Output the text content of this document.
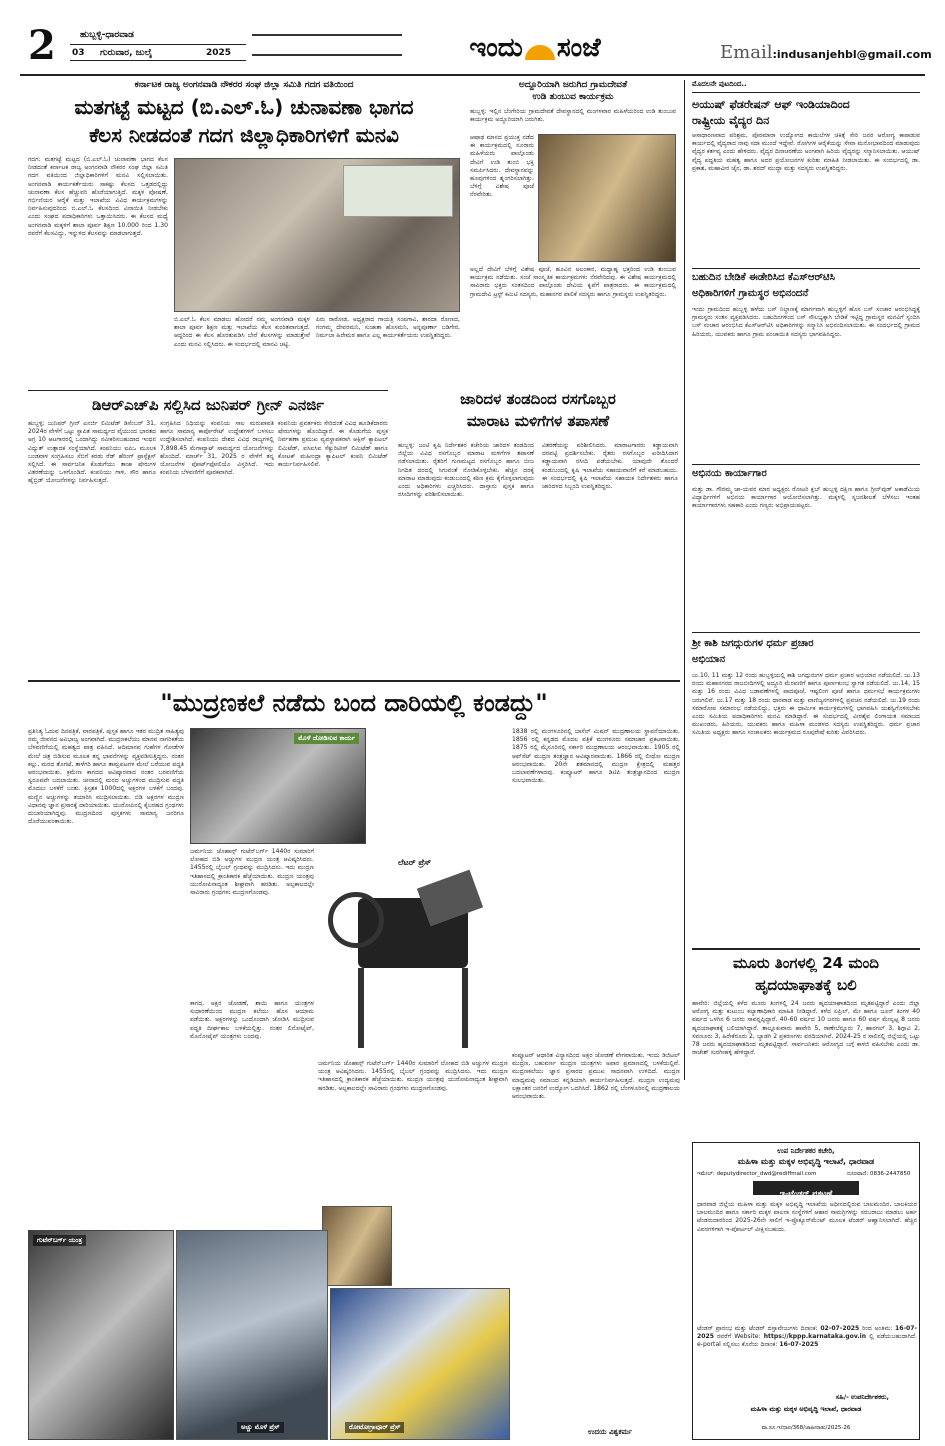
2	ಹುಬ್ಬಳ್ಳಿ-ಧಾರವಾಡ
03 ಗುರುವಾರ, ಜುಲೈ	2025	ಇಂದು ಸಂಜೆ	Email:indusanjehbl@gmail.com
ಕರ್ನಾಟಕ ರಾಜ್ಯ ಅಂಗನವಾಡಿ ನೌಕರರ ಸಂಘ ಜಿಲ್ಲಾ ಸಮಿತಿ ಗದಗ ವತಿಯಿಂದ
ಮತಗಟ್ಟೆ ಮಟ್ಟದ (ಬಿ.ಎಲ್.ಓ) ಚುನಾವಣಾ ಭಾಗದ
ಕೆಲಸ ನೀಡದಂತೆ ಗದಗ ಜಿಲ್ಲಾಧಿಕಾರಿಗಳಿಗೆ ಮನವಿ
ಗದಗ: ಮತಗಟ್ಟೆ ಮಟ್ಟದ (ಬಿ.ಎಲ್.ಓ) ಚುನಾವಣಾ ಭಾಗದ ಕೆಲಸ ನೀಡದಂತೆ ಕರ್ನಾಟಕ ರಾಜ್ಯ ಅಂಗನವಾಡಿ ನೌಕರರ ಸಂಘ ಜಿಲ್ಲಾ ಸಮಿತಿ ಗದಗ ವತಿಯಿಂದ ಜಿಲ್ಲಾಧಿಕಾರಿಗಳಿಗೆ ಮನವಿ ಸಲ್ಲಿಸಲಾಯಿತು. ಅಂಗನವಾಡಿ ಕಾರ್ಯಕರ್ತೆಯರು ಸಾಕಷ್ಟು ಕೆಲಸದ ಒತ್ತಡದಲ್ಲಿದ್ದು ಚುನಾವಣಾ ಕೆಲಸ ಹೆಚ್ಚುವರಿ ಹೊರೆಯಾಗುತ್ತಿದೆ. ಮಕ್ಕಳ ಪೋಷಣೆ, ಗರ್ಭಿಣಿಯರ ಆರೈಕೆ ಮತ್ತು ಇಲಾಖೆಯ ವಿವಿಧ ಕಾರ್ಯಕ್ರಮಗಳನ್ನು ನಿರ್ವಹಿಸುವುದರಿಂದ ಬಿ.ಎಲ್.ಓ ಕೆಲಸದಿಂದ ವಿನಾಯಿತಿ ನೀಡಬೇಕು ಎಂದು ಸಂಘದ ಪದಾಧಿಕಾರಿಗಳು ಒತ್ತಾಯಿಸಿದರು. ಈ ಕೆಲಸದ ಮಧ್ಯೆ ಅಂಗನವಾಡಿ ಮಕ್ಕಳಿಗೆ ಶಾಲಾ ಪೂರ್ವ ಶಿಕ್ಷಣ 10.000 ರಿಂದ 1.30 ರವರೆಗೆ ಕೆಲಸವಿದ್ದು, ಇನ್ನುಳಿದ ಕೆಲಸವನ್ನು ಮಾಡಲಾಗುತ್ತದೆ.
ಬಿ.ಎಲ್.ಓ ಕೆಲಸ ಮಾಡಲು ಹೋದರೆ ನಮ್ಮ ಅಂಗನವಾಡಿ ಮಕ್ಕಳ ಶಾಲಾ ಪೂರ್ವ ಶಿಕ್ಷಣ ಮತ್ತು ಇಲಾಖೆಯ ಕೆಲಸ ಕುಂಠಿತವಾಗುತ್ತದೆ. ಆದ್ದರಿಂದ ಈ ಕೆಲಸ ಹೊರತುಪಡಿಸಿ ಬೇರೆ ಕೆಲಸಗಳನ್ನು ಮಾಡುತ್ತೇವೆ ಎಂದು ಮನವಿ ಸಲ್ಲಿಸಿದರು. ಈ ಸಂದರ್ಭದಲ್ಲಿ ಮಾನವಿ ಚಟ್ಟಿ.
ಪಿರು ರಾಠೋಡ, ಅಧ್ಯಕ್ಷರಾದ ಗಾಯತ್ರಿ ಸಂಪಗಾವಿ, ಶಾರದಾ ರೋಣದ, ಗಂಗಮ್ಮ ದೇವರಮನಿ, ಸುಜಾತಾ ಹೊಸಮನಿ, ಅನ್ನಪೂರ್ಣಾ ಬಡಿಗೇರ, ನಿರ್ಮಲಾ ಹಿರೇಮಠ ಹಾಗೂ ಎಲ್ಲ ಕಾರ್ಯಕರ್ತೆಯರು ಉಪಸ್ಥಿತರಿದ್ದರು.
ಅದ್ದೂರಿಯಾಗಿ ಜರುಗಿದ ಗ್ರಾಮದೇವತೆ
ಉಡಿ ತುಂಬುವ ಕಾರ್ಯಕ್ರಮ
ಹುಬ್ಬಳ್ಳಿ: ಇಲ್ಲಿನ ಬೆಂಗೇರಿಯ ಗ್ರಾಮದೇವತೆ ದೇವಸ್ಥಾನದಲ್ಲಿ ಮಂಗಳವಾರ ಮಹಿಳೆಯರಿಂದ ಉಡಿ ತುಂಬುವ ಕಾರ್ಯಕ್ರಮ ಅದ್ದೂರಿಯಾಗಿ ಜರುಗಿತು.
ಆಷಾಢ ಮಾಸದ ಪ್ರಯುಕ್ತ ನಡೆದ ಈ ಕಾರ್ಯಕ್ರಮದಲ್ಲಿ ನೂರಾರು ಮಹಿಳೆಯರು ಪಾಲ್ಗೊಂಡು ದೇವಿಗೆ ಉಡಿ ತುಂಬಿ ಭಕ್ತಿ ಸಮರ್ಪಿಸಿದರು. ದೇವಸ್ಥಾನವನ್ನು ಹೂವುಗಳಿಂದ ಶೃಂಗರಿಸಲಾಗಿತ್ತು. ಬೆಳಿಗ್ಗೆ ವಿಶೇಷ ಪೂಜೆ ನೆರವೇರಿತು.
ಅಲ್ಲದೆ ದೇವಿಗೆ ಬೆಳಿಗ್ಗೆ ವಿಶೇಷ ಪೂಜೆ, ಹೂವಿನ ಅಲಂಕಾರ, ಮಧ್ಯಾಹ್ನ ಭಕ್ತರಿಂದ ಉಡಿ ತುಂಬುವ ಕಾರ್ಯಕ್ರಮ ನಡೆಯಿತು. ಸಂಜೆ ಸಾಂಸ್ಕೃತಿಕ ಕಾರ್ಯಕ್ರಮಗಳು ನೆರವೇರಿದವು. ಈ ವಿಶೇಷ ಕಾರ್ಯಕ್ರಮದಲ್ಲಿ ಸಾವಿರಾರು ಭಕ್ತರು ಸಂತಸದಿಂದ ಪಾಲ್ಗೊಂಡು ದೇವಿಯ ಕೃಪೆಗೆ ಪಾತ್ರರಾದರು. ಈ ಕಾರ್ಯಕ್ರಮದಲ್ಲಿ ಗ್ರಾಮದೇವಿ ಟ್ರಸ್ಟ್ ಕಮಿಟಿ ಸದಸ್ಯರು, ಮಹಾನಗರ ಪಾಲಿಕೆ ಸದಸ್ಯರು ಹಾಗೂ ಗ್ರಾಮಸ್ಥರು ಉಪಸ್ಥಿತರಿದ್ದರು.
ಮೊದಲನೇ ಪುಟದಿಂದ..
ಅಯುಷ್ ಫೆಡರೇಷನ್ ಆಫ್ ಇಂಡಿಯಾದಿಂದ
ರಾಷ್ಟ್ರೀಯ ವೈದ್ಯರ ದಿನ
ಆಸಾಧಾರಣವಾದ ಪರಿಶ್ರಮ, ಪೊರಮಾರಾ ಉದ್ಯೋಗದ ಕಾಯಿಲೆಗಳ ಚಿಕಿತ್ಸೆ ಸೇರಿ ಜನರ ಆರೋಗ್ಯ ಕಾಪಾಡುವ ಕಾರ್ಯದಲ್ಲಿ ವೈದ್ಯರಾದ ನಾವು ಸದಾ ಮುಂದೆ ಇದ್ದೇವೆ. ರೋಗಿಗಳ ಆರೈಕೆಯನ್ನು ಸೇವಾ ಮನೋಭಾವದಿಂದ ಮಾಡುವುದು ವೈದ್ಯರ ಕರ್ತವ್ಯ ಎಂದು ಹೇಳಿದರು. ವೈದ್ಯರ ದಿನಾಚರಣೆಯ ಅಂಗವಾಗಿ ಹಿರಿಯ ವೈದ್ಯರನ್ನು ಸನ್ಮಾನಿಸಲಾಯಿತು. ಆಯುಷ್ ವೈದ್ಯ ಪದ್ಧತಿಯ ಮಹತ್ವ ಹಾಗೂ ಅದರ ಪ್ರಯೋಜನಗಳ ಕುರಿತು ಮಾಹಿತಿ ನೀಡಲಾಯಿತು. ಈ ಸಂದರ್ಭದಲ್ಲಿ ಡಾ. ಪ್ರಕಾಶ, ಮಹಾವೀರ ಜೈನ, ಡಾ. ಶರದ್ ಮುದ್ದಾ ಮತ್ತು ಸದಸ್ಯರು ಉಪಸ್ಥಿತರಿದ್ದರು.
ಬಹುದಿನ ಬೇಡಿಕೆ ಈಡೇರಿಸಿದ ಕೆಎಸ್‌ಆರ್‌ಟಿಸಿ
ಅಧಿಕಾರಿಗಳಿಗೆ ಗ್ರಾಮಸ್ಥರ ಅಭಿನಂದನೆ
ಇಂದು ಗ್ರಾಮದಿಂದ ಹುಬ್ಬಳ್ಳಿ ಹಳೆಯ ಬಸ್ ನಿಲ್ದಾಣಕ್ಕೆ ಮಾರ್ಗವಾಗಿ ಹುಬ್ಬಳ್ಳಿಗೆ ಹೊಸ ಬಸ್ ಸಂಚಾರ ಆರಂಭಿಸಿದ್ದಕ್ಕೆ ಗ್ರಾಮಸ್ಥರು ಸಂತಸ ವ್ಯಕ್ತಪಡಿಸಿದರು. ಬಹುದಿನಗಳಿಂದ ಬಸ್ ಸೌಲಭ್ಯಕ್ಕಾಗಿ ಬೇಡಿಕೆ ಇಟ್ಟಿದ್ದ ಗ್ರಾಮಸ್ಥರ ಮನವಿಗೆ ಸ್ಪಂದಿಸಿ ಬಸ್ ಸಂಚಾರ ಆರಂಭಿಸಿದ ಕೆಎಸ್‌ಆರ್‌ಟಿಸಿ ಅಧಿಕಾರಿಗಳನ್ನು ಸನ್ಮಾನಿಸಿ ಅಭಿನಂದಿಸಲಾಯಿತು. ಈ ಸಂದರ್ಭದಲ್ಲಿ ಗ್ರಾಮದ ಹಿರಿಯರು, ಯುವಕರು ಹಾಗೂ ಗ್ರಾಮ ಪಂಚಾಯಿತಿ ಸದಸ್ಯರು ಭಾಗವಹಿಸಿದ್ದರು.
ಅಭಿನಯ ಕಾರ್ಯಾಗಾರ
ಮತ್ತು ಡಾ. ಗೌರಮ್ಮ ಜಾ-ಯವರ ಮಾರ ಅಧ್ಯಕ್ಷರು ರೋಟರಿ ಕ್ಲಬ್ ಹುಬ್ಬಳ್ಳಿ ದಕ್ಷಿಣ ಹಾಗೂ ಗ್ರೀನ್‌ವುಡ್ ಅಕಾಡೆಮಿಯ ವಿದ್ಯಾರ್ಥಿಗಳಿಗೆ ಅಭಿನಯ ಕಾರ್ಯಾಗಾರ ಆಯೋಜಿಸಲಾಗಿತ್ತು. ಮಕ್ಕಳಲ್ಲಿ ಸೃಜನಶೀಲತೆ ಬೆಳೆಸಲು ಇಂತಹ ಕಾರ್ಯಾಗಾರಗಳು ಸಹಕಾರಿ ಎಂದು ಗಣ್ಯರು ಅಭಿಪ್ರಾಯಪಟ್ಟರು.
ಶ್ರೀ ಕಾಶಿ ಜಗದ್ಗುರುಗಳ ಧರ್ಮ ಪ್ರಚಾರ
ಅಭಿಯಾನ
ಜು.10, 11 ಮತ್ತು 12 ರಂದು ಹುಬ್ಬಳ್ಳಿಯಲ್ಲಿ ಕಾಶಿ ಜಗದ್ಗುರುಗಳ ಧರ್ಮ ಪ್ರಚಾರ ಅಭಿಯಾನ ನಡೆಯಲಿದೆ. ಜು.13 ರಂದು ಮಹಾನಗರದ ರಾಜಬೀದಿಗಳಲ್ಲಿ ಅದ್ದೂರಿ ಮೆರವಣಿಗೆ ಹಾಗೂ ಪೂರ್ಣಕುಂಭ ಸ್ವಾಗತ ನಡೆಯಲಿದೆ. ಜು.14, 15 ಮತ್ತು 16 ರಂದು ವಿವಿಧ ಬಡಾವಣೆಗಳಲ್ಲಿ ಪಾದಪೂಜೆ, ಇಷ್ಟಲಿಂಗ ಪೂಜೆ ಹಾಗೂ ಧರ್ಮಸಭೆ ಕಾರ್ಯಕ್ರಮಗಳು ಜರುಗಲಿವೆ. ಜು.17 ಮತ್ತು 18 ರಂದು ಧಾರವಾಡ ಮತ್ತು ವಾಣಿಜ್ಯನಗರಗಳಲ್ಲಿ ಪ್ರವಚನ ನಡೆಯಲಿದೆ. ಜು.19 ರಂದು ಸಮಾರೋಪ ಸಮಾರಂಭ ನಡೆಯಲಿದ್ದು, ಭಕ್ತರು ಈ ಧಾರ್ಮಿಕ ಕಾರ್ಯಕ್ರಮಗಳಲ್ಲಿ ಭಾಗವಹಿಸಿ ಯಶಸ್ವಿಗೊಳಿಸಬೇಕು ಎಂದು ಸಮಿತಿಯ ಪದಾಧಿಕಾರಿಗಳು ಮನವಿ ಮಾಡಿದ್ದಾರೆ. ಈ ಸಂದರ್ಭದಲ್ಲಿ ವೀರಶೈವ ಲಿಂಗಾಯತ ಸಮಾಜದ ಮುಖಂಡರು, ಹಿರಿಯರು, ಯುವಕರು ಹಾಗೂ ಮಹಿಳಾ ಮಂಡಳದ ಸದಸ್ಯರು ಉಪಸ್ಥಿತರಿದ್ದರು. ಧರ್ಮ ಪ್ರಚಾರ ಸಮಿತಿಯ ಅಧ್ಯಕ್ಷರು ಹಾಗೂ ಸಂಚಾಲಕರು ಕಾರ್ಯಕ್ರಮದ ರೂಪುರೇಷೆ ಕುರಿತು ವಿವರಿಸಿದರು.
ಡಿಆರ್‌ಎಚ್‌ಪಿ ಸಲ್ಲಿಸಿದ ಜುನಿಪರ್ ಗ್ರೀನ್ ಎನರ್ಜಿ
ಹುಬ್ಬಳ್ಳಿ: ಜುನಿಪರ್ ಗ್ರೀನ್ ಎನರ್ಜಿ ಲಿಮಿಟೆಡ್ ಡಿಸೆಂಬರ್ 31, 2024ರ ವೇಳೆಗೆ ಒಟ್ಟು ಸ್ಥಾಪಿತ ಸಾಮರ್ಥ್ಯದ ವೈಯುಂದ ಭಾರತದ ಅಗ್ರ 10 ಆಟಗಾರರಲ್ಲಿ ಒಂದಾಗಿದ್ದು ನವೀಕರಿಸಬಹುದಾದ ಇಂಧನ ವಿದ್ಯುತ್ ಉತ್ಪಾದಕ ಸಂಸ್ಥೆಯಾಗಿದೆ. ಕಂಪನಿಯು ಐಪಿಒ ಮೂಲಕ ಬಂಡವಾಳ ಸಂಗ್ರಹಿಸಲು ಸೆಬಿಗೆ ಕರಡು ರೆಡ್ ಹೆರಿಂಗ್ ಪ್ರಾಸ್ಪೆಕ್ಟಸ್ ಸಲ್ಲಿಸಿದೆ. ಈ ಸಾರ್ವಜನಿಕ ಕೊಡುಗೆಯು ತಾಜಾ ಷೇರುಗಳ ವಿತರಣೆಯನ್ನು ಒಳಗೊಂಡಿದೆ. ಕಂಪನಿಯು ಗಾಳಿ, ಸೌರ ಹಾಗೂ ಹೈಬ್ರಿಡ್ ಯೋಜನೆಗಳನ್ನು ನಿರ್ವಹಿಸುತ್ತದೆ.
ಸಂಗ್ರಹಿಸಿದ ನಿಧಿಯನ್ನು ಕಂಪನಿಯ ಸಾಲ ಮರುಪಾವತಿ ಹಾಗೂ ಸಾಮಾನ್ಯ ಕಾರ್ಪೊರೇಟ್ ಉದ್ದೇಶಗಳಿಗೆ ಬಳಸಲು ಉದ್ದೇಶಿಸಲಾಗಿದೆ. ಕಂಪನಿಯು ದೇಶದ ವಿವಿಧ ರಾಜ್ಯಗಳಲ್ಲಿ 7,898.45 ಮೆಗಾವ್ಯಾಟ್ ಸಾಮರ್ಥ್ಯದ ಯೋಜನೆಗಳನ್ನು ಹೊಂದಿದೆ. ಮಾರ್ಚ್ 31, 2025 ರ ವೇಳೆಗೆ ತನ್ನ ಯೋಜನೆಗಳ ಪೋರ್ಟ್‌ಫೋಲಿಯೊ ವಿಸ್ತರಿಸಿದೆ. ಇದು ಕಂಪನಿಯ ಬೆಳವಣಿಗೆಗೆ ಪೂರಕವಾಗಿದೆ.
ಕಂಪನಿಯ ಪ್ರವರ್ತಕರು ಸೇರಿದಂತೆ ವಿವಿಧ ಹೂಡಿಕೆದಾರರು ಷೇರುಗಳನ್ನು ಹೊಂದಿದ್ದಾರೆ. ಈ ಕೊಡುಗೆಯ ಪುಸ್ತಕ ನಿರ್ವಹಣಾ ಪ್ರಮುಖ ವ್ಯವಸ್ಥಾಪಕರಾಗಿ ಆಕ್ಸಿಸ್ ಕ್ಯಾಪಿಟಲ್ ಲಿಮಿಟೆಡ್, ಐಸಿಐಸಿಐ ಸೆಕ್ಯುರಿಟೀಸ್ ಲಿಮಿಟೆಡ್ ಹಾಗೂ ಕೋಟಕ್ ಮಹೀಂದ್ರಾ ಕ್ಯಾಪಿಟಲ್ ಕಂಪನಿ ಲಿಮಿಟೆಡ್ ಕಾರ್ಯನಿರ್ವಹಿಸಲಿವೆ.
ಜಾರಿದಳ ತಂಡದಿಂದ ರಸಗೊಬ್ಬರ
ಮಾರಾಟ ಮಳಿಗೆಗಳ ತಪಾಸಣೆ
ಹುಬ್ಬಳ್ಳಿ: ಜಂಟಿ ಕೃಷಿ ನಿರ್ದೇಶಕರ ಕಚೇರಿಯ ಜಾರಿದಳ ತಂಡದಿಂದ ಜಿಲ್ಲೆಯ ವಿವಿಧ ರಸಗೊಬ್ಬರ ಮಾರಾಟ ಮಳಿಗೆಗಳ ತಪಾಸಣೆ ನಡೆಸಲಾಯಿತು. ರೈತರಿಗೆ ಗುಣಮಟ್ಟದ ರಸಗೊಬ್ಬರ ಹಾಗೂ ಬೀಜ ನಿಗದಿತ ದರದಲ್ಲಿ ಸಿಗುವಂತೆ ನೋಡಿಕೊಳ್ಳಬೇಕು. ಹೆಚ್ಚಿನ ದರಕ್ಕೆ ಮಾರಾಟ ಮಾಡುವುದು ಕಂಡುಬಂದಲ್ಲಿ ಕಠಿಣ ಕ್ರಮ ಕೈಗೊಳ್ಳಲಾಗುವುದು ಎಂದು ಅಧಿಕಾರಿಗಳು ಎಚ್ಚರಿಸಿದರು. ದಾಸ್ತಾನು ಪುಸ್ತಕ ಹಾಗೂ ರಸೀದಿಗಳನ್ನು ಪರಿಶೀಲಿಸಲಾಯಿತು.
ವಿತರಣೆಯನ್ನು ಪರಿಶೀಲಿಸಿದರು. ಮಾರಾಟಗಾರರು ಕಡ್ಡಾಯವಾಗಿ ದರಪಟ್ಟಿ ಪ್ರದರ್ಶಿಸಬೇಕು. ರೈತರು ರಸಗೊಬ್ಬರ ಖರೀದಿಸಿದಾಗ ಕಡ್ಡಾಯವಾಗಿ ರಸೀದಿ ಪಡೆಯಬೇಕು. ಯಾವುದೇ ತೊಂದರೆ ಕಂಡುಬಂದಲ್ಲಿ ಕೃಷಿ ಇಲಾಖೆಯ ಸಹಾಯವಾಣಿಗೆ ಕರೆ ಮಾಡಬಹುದು. ಈ ಸಂದರ್ಭದಲ್ಲಿ ಕೃಷಿ ಇಲಾಖೆಯ ಸಹಾಯಕ ನಿರ್ದೇಶಕರು ಹಾಗೂ ಜಾರಿದಳದ ಸಿಬ್ಬಂದಿ ಉಪಸ್ಥಿತರಿದ್ದರು.
"ಮುದ್ರಣಕಲೆ ನಡೆದು ಬಂದ ದಾರಿಯಲ್ಲಿ ಕಂಡದ್ದು"
ಪ್ರತಿನಿತ್ಯ ಓದುವ ದಿನಪತ್ರಿಕೆ, ವಾರಪತ್ರಿಕೆ, ಪುಸ್ತಕ ಹಾಗೂ ಇತರ ಮುದ್ರಿತ ಸಾಹಿತ್ಯವು ನಮ್ಮ ಜೀವನದ ಅವಿಭಾಜ್ಯ ಅಂಗವಾಗಿದೆ. ಮುದ್ರಣಕಲೆಯು ಮಾನವ ನಾಗರಿಕತೆಯ ಬೆಳವಣಿಗೆಯಲ್ಲಿ ಮಹತ್ವದ ಪಾತ್ರ ವಹಿಸಿದೆ. ಆದಿಮಾನವ ಗುಹೆಗಳ ಗೋಡೆಗಳ ಮೇಲೆ ಚಿತ್ರ ಬಿಡಿಸುವ ಮೂಲಕ ತನ್ನ ಭಾವನೆಗಳನ್ನು ವ್ಯಕ್ತಪಡಿಸುತ್ತಿದ್ದನು. ನಂತರ ಕಲ್ಲು, ಮರದ ತೊಗಟೆ, ತಾಳೆಗರಿ ಹಾಗೂ ತಾಮ್ರಪಟಗಳ ಮೇಲೆ ಬರೆಯುವ ಪದ್ಧತಿ ಆರಂಭವಾಯಿತು. ಕ್ರಮೇಣ ಕಾಗದದ ಆವಿಷ್ಕಾರವಾದ ನಂತರ ಬರವಣಿಗೆಯ ಸ್ವರೂಪವೇ ಬದಲಾಯಿತು. ಚೀನಾದಲ್ಲಿ ಮರದ ಅಚ್ಚುಗಳಿಂದ ಮುದ್ರಿಸುವ ಪದ್ಧತಿ ಮೊದಲು ಬಳಕೆಗೆ ಬಂತು. ಕ್ರಿಸ್ತಶಕ 1000ದಲ್ಲಿ ಅಕ್ಷರಗಳ ಬಳಕೆಗೆ ಬಂದವು. ಮಣ್ಣಿನ ಅಚ್ಚುಗಳನ್ನು ತಯಾರಿಸಿ ಮುದ್ರಿಸಲಾಯಿತು. ಬಿಡಿ ಅಕ್ಷರಗಳ ಮುದ್ರಣ ವಿಧಾನವು ಜ್ಞಾನ ಪ್ರಸಾರಕ್ಕೆ ದಾರಿಯಾಯಿತು. ಯುರೋಪಿನಲ್ಲಿ ಕೈಬರಹದ ಗ್ರಂಥಗಳು ದುಬಾರಿಯಾಗಿದ್ದವು. ಮುದ್ರಣದಿಂದ ಪುಸ್ತಕಗಳು ಸಾಮಾನ್ಯ ಜನರಿಗೂ ದೊರೆಯುವಂತಾಯಿತು.
ಮೊಳೆ ಜೋಡಿಸುವ ಕಾರ್ಯ
ಜರ್ಮನಿಯ ಜೊಹಾನ್ಸ್ ಗುಟೆನ್‌ಬರ್ಗ್ 1440ರ ಸುಮಾರಿಗೆ ಲೋಹದ ಬಿಡಿ ಅಚ್ಚುಗಳ ಮುದ್ರಣ ಯಂತ್ರ ಆವಿಷ್ಕರಿಸಿದನು. 1455ರಲ್ಲಿ ಬೈಬಲ್ ಗ್ರಂಥವನ್ನು ಮುದ್ರಿಸಿದನು. ಇದು ಮುದ್ರಣ ಇತಿಹಾಸದಲ್ಲಿ ಕ್ರಾಂತಿಕಾರಕ ಹೆಜ್ಜೆಯಾಯಿತು. ಮುದ್ರಣ ಯಂತ್ರವು ಯುರೋಪಿನಾದ್ಯಂತ ಶೀಘ್ರವಾಗಿ ಹರಡಿತು. ಅಲ್ಪಕಾಲದಲ್ಲೇ ಸಾವಿರಾರು ಗ್ರಂಥಗಳು ಮುದ್ರಣಗೊಂಡವು.
ಲೆಟರ್ ಪ್ರೆಸ್
ಕಾಗದ, ಅಕ್ಷರ ಜೋಡಣೆ, ಶಾಯಿ ಹಾಗೂ ಯಂತ್ರಗಳ ಸುಧಾರಣೆಯಿಂದ ಮುದ್ರಣ ಕಲೆಯು ಹೊಸ ಆಯಾಮ ಪಡೆಯಿತು. ಅಕ್ಷರಗಳನ್ನು ಒಂದೊಂದಾಗಿ ಜೋಡಿಸಿ ಮುದ್ರಿಸುವ ಪದ್ಧತಿ ದೀರ್ಘಕಾಲ ಬಳಕೆಯಲ್ಲಿತ್ತು. ನಂತರ ಲಿನೋಟೈಪ್, ಮೊನೋಟೈಪ್ ಯಂತ್ರಗಳು ಬಂದವು.
1838 ರಲ್ಲಿ ಮಂಗಳೂರಿನಲ್ಲಿ ಬಾಸೆಲ್ ಮಿಷನ್ ಮುದ್ರಣಾಲಯ ಸ್ಥಾಪನೆಯಾಯಿತು. 1856 ರಲ್ಲಿ ಕನ್ನಡದ ಮೊದಲ ಪತ್ರಿಕೆ ಮಂಗಳೂರು ಸಮಾಚಾರ ಪ್ರಕಟವಾಯಿತು. 1875 ರಲ್ಲಿ ಮೈಸೂರಿನಲ್ಲಿ ಸರ್ಕಾರಿ ಮುದ್ರಣಾಲಯ ಆರಂಭವಾಯಿತು. 1905 ರಲ್ಲಿ ಆಫ್‌ಸೆಟ್ ಮುದ್ರಣ ತಂತ್ರಜ್ಞಾನ ಆವಿಷ್ಕಾರವಾಯಿತು. 1866 ರಲ್ಲಿ ಲೀಥೋ ಮುದ್ರಣ ಆರಂಭವಾಯಿತು. 20ನೇ ಶತಮಾನದಲ್ಲಿ ಮುದ್ರಣ ಕ್ಷೇತ್ರದಲ್ಲಿ ಮಹತ್ತರ ಬದಲಾವಣೆಗಳಾದವು. ಕಂಪ್ಯೂಟರ್ ಹಾಗೂ ಡಿಟಿಪಿ ತಂತ್ರಜ್ಞಾನದಿಂದ ಮುದ್ರಣ ಸುಲಭವಾಯಿತು.
ಕಂಪ್ಯೂಟರ್ ಆಧಾರಿತ ವಿನ್ಯಾಸದಿಂದ ಅಕ್ಷರ ಜೋಡಣೆ ವೇಗವಾಯಿತು. ಇಂದು ಡಿಜಿಟಲ್ ಮುದ್ರಣ, ಬಹುವರ್ಣ ಮುದ್ರಣ ಯಂತ್ರಗಳು ಅಪಾರ ಪ್ರಮಾಣದಲ್ಲಿ ಬಳಕೆಯಲ್ಲಿವೆ. ಮುದ್ರಣಕಲೆಯು ಜ್ಞಾನ ಪ್ರಸಾರದ ಪ್ರಮುಖ ಸಾಧನವಾಗಿ ಉಳಿದಿದೆ. ಮುದ್ರಣ ಮಾಧ್ಯಮವು ಸಮಾಜದ ಕನ್ನಡಿಯಾಗಿ ಕಾರ್ಯನಿರ್ವಹಿಸುತ್ತದೆ. ಮುದ್ರಣ ಉದ್ಯಮವು ಲಕ್ಷಾಂತರ ಜನರಿಗೆ ಉದ್ಯೋಗ ಒದಗಿಸಿದೆ. 1862 ರಲ್ಲಿ ಬೆಂಗಳೂರಿನಲ್ಲಿ ಮುದ್ರಣಾಲಯ ಆರಂಭವಾಯಿತು.
ಜರ್ಮನಿಯ ಜೊಹಾನ್ಸ್ ಗುಟೆನ್‌ಬರ್ಗ್ 1440ರ ಸುಮಾರಿಗೆ ಲೋಹದ ಬಿಡಿ ಅಚ್ಚುಗಳ ಮುದ್ರಣ ಯಂತ್ರ ಆವಿಷ್ಕರಿಸಿದನು. 1455ರಲ್ಲಿ ಬೈಬಲ್ ಗ್ರಂಥವನ್ನು ಮುದ್ರಿಸಿದನು. ಇದು ಮುದ್ರಣ ಇತಿಹಾಸದಲ್ಲಿ ಕ್ರಾಂತಿಕಾರಕ ಹೆಜ್ಜೆಯಾಯಿತು. ಮುದ್ರಣ ಯಂತ್ರವು ಯುರೋಪಿನಾದ್ಯಂತ ಶೀಘ್ರವಾಗಿ ಹರಡಿತು. ಅಲ್ಪಕಾಲದಲ್ಲೇ ಸಾವಿರಾರು ಗ್ರಂಥಗಳು ಮುದ್ರಣಗೊಂಡವು.
ಗುಟೆನ್‌ಬರ್ಗ್ ಯಂತ್ರ
ಅಚ್ಚು ಮೊಳೆ ಪ್ರೆಸ್	ರೋಟೋಗ್ರಾವೂರ್ ಪ್ರೆಸ್
ಉದಯ ವಿಶ್ವಕರ್ಮ
ಮೂರು ತಿಂಗಳಲ್ಲಿ 24 ಮಂದಿ
ಹೃದಯಾಘಾತಕ್ಕೆ ಬಲಿ
ಹಾವೇರಿ: ಜಿಲ್ಲೆಯಲ್ಲಿ ಕಳೆದ ಮೂರು ತಿಂಗಳಲ್ಲಿ 24 ಜನರು ಹೃದಯಾಘಾತದಿಂದ ಮೃತಪಟ್ಟಿದ್ದಾರೆ ಎಂದು ಜಿಲ್ಲಾ ಆರೋಗ್ಯ ಮತ್ತು ಕುಟುಂಬ ಕಲ್ಯಾಣಾಧಿಕಾರಿ ಮಾಹಿತಿ ನೀಡಿದ್ದಾರೆ. ಕಳೆದ ಏಪ್ರಿಲ್, ಮೇ ಹಾಗೂ ಜೂನ್ ತಿಂಗಳ 40 ವರ್ಷದ ಒಳಗಿನ 6 ಜನರು ಸಾವನ್ನಪ್ಪಿದ್ದಾರೆ. 40-60 ವರ್ಷದ 10 ಜನರು ಹಾಗೂ 60 ವರ್ಷ ಮೇಲ್ಪಟ್ಟ 8 ಜನರು ಹೃದಯಾಘಾತಕ್ಕೆ ಬಲಿಯಾಗಿದ್ದಾರೆ. ತಾಲ್ಲೂಕುವಾರು ಹಾವೇರಿ 5, ರಾಣೇಬೆನ್ನೂರು 7, ಹಾನಗಲ್ 3, ಶಿಗ್ಗಾವಿ 2, ಸವಣೂರು 3, ಹಿರೇಕೆರೂರು 2, ಬ್ಯಾಡಗಿ 2 ಪ್ರಕರಣಗಳು ವರದಿಯಾಗಿವೆ. 2024-25 ರ ಸಾಲಿನಲ್ಲಿ ಜಿಲ್ಲೆಯಲ್ಲಿ ಒಟ್ಟು 78 ಜನರು ಹೃದಯಾಘಾತದಿಂದ ಮೃತಪಟ್ಟಿದ್ದಾರೆ. ಸಾರ್ವಜನಿಕರು ಆರೋಗ್ಯದ ಬಗ್ಗೆ ಕಾಳಜಿ ವಹಿಸಬೇಕು ಎಂದು ಡಾ. ರಾಜೇಶ್ ಸುರಗೀಹಳ್ಳಿ ಹೇಳಿದ್ದಾರೆ.
ಉಪ ನಿರ್ದೇಶಕರ ಕಚೇರಿ,
ಮಹಿಳಾ ಮತ್ತು ಮಕ್ಕಳ ಅಭಿವೃದ್ಧಿ ಇಲಾಖೆ, ಧಾರವಾಡ
ಇಮೇಲ್: deputydirector_dwd@rediffmail.com	ದೂರವಾಣಿ: 0836-2447850
ಇ-ಟೆಂಡರ್ ಪ್ರಕಟಣೆ
ಧಾರವಾಡ ಜಿಲ್ಲೆಯ ಮಹಿಳಾ ಮತ್ತು ಮಕ್ಕಳ ಅಭಿವೃದ್ಧಿ ಇಲಾಖೆಯ ಅಧೀನದಲ್ಲಿರುವ ಬಾಲಮಂದಿರ, ಬಾಲಕಿಯರ ಬಾಲಮಂದಿರ ಹಾಗೂ ಸರ್ಕಾರಿ ಮಕ್ಕಳ ಪಾಲನಾ ಸಂಸ್ಥೆಗಳಿಗೆ ಆಹಾರ ಸಾಮಗ್ರಿಗಳನ್ನು ಸರಬರಾಜು ಮಾಡಲು ಅರ್ಹ ಟೆಂಡರುದಾರರಿಂದ 2025-26ನೇ ಸಾಲಿಗೆ ಇ-ಪ್ರೊಕ್ಯೂರ್‌ಮೆಂಟ್ ಮೂಲಕ ಟೆಂಡರ್ ಆಹ್ವಾನಿಸಲಾಗಿದೆ. ಹೆಚ್ಚಿನ ವಿವರಗಳಿಗಾಗಿ ಇ-ಪೋರ್ಟಲ್ ವೀಕ್ಷಿಸಬಹುದು.
ಟೆಂಡರ್ ಪ್ರಾರಂಭ ಮತ್ತು ಟೆಂಡರ್ ದಸ್ತಾವೇಜುಗಳು ದಿನಾಂಕ: 02-07-2025 ರಿಂದ ಅಂತಿಮ: 16-07-2025 ರವರೆಗೆ Website: https://kppp.karnataka.gov.in ಲ್ಲಿ ಪಡೆಯಬಹುದಾಗಿದೆ. e-portal ಸಲ್ಲಿಸಲು ಕೊನೆಯ ದಿನಾಂಕ: 16-07-2025
ಸಹಿ/- ಉಪನಿರ್ದೇಶಕರು,
ಮಹಿಳಾ ಮತ್ತು ಮಕ್ಕಳ ಅಭಿವೃದ್ಧಿ ಇಲಾಖೆ, ಧಾರವಾಡ
ವಾ.ಸೂ.ಇ/ಧಾರ/368/ಜಾಹೀರಾತು/2025-26
